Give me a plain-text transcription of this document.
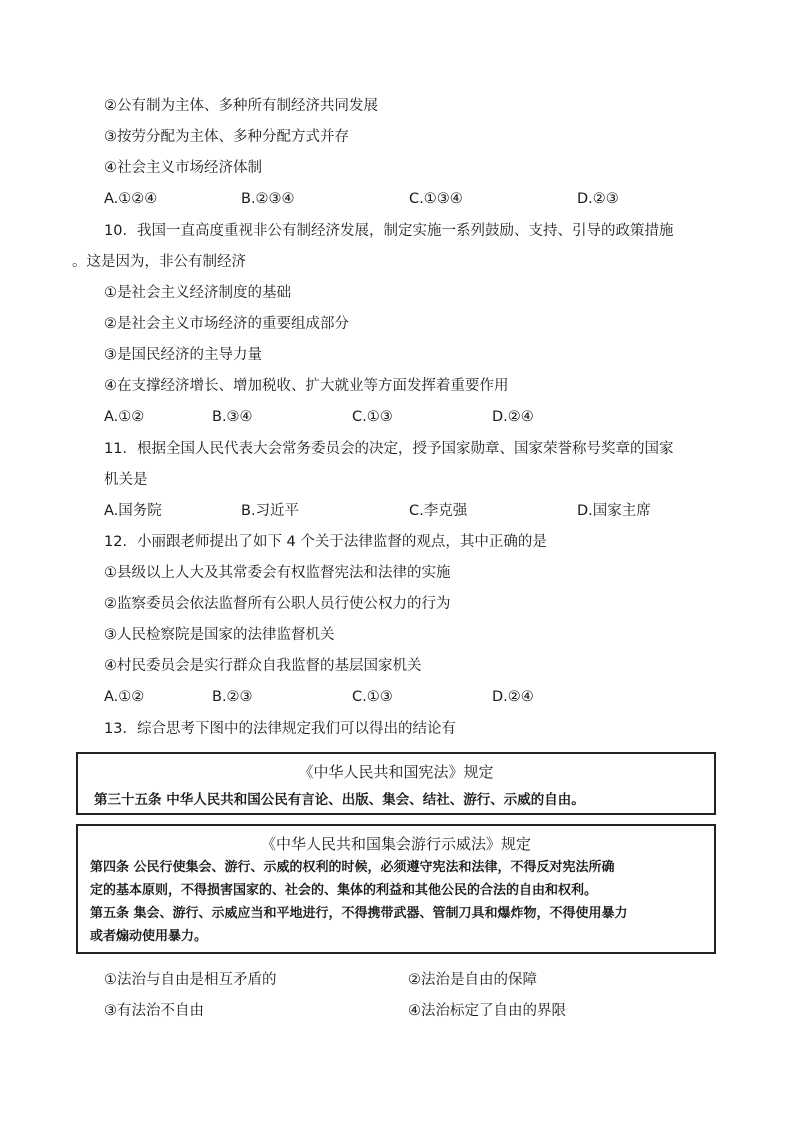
②公有制为主体、多种所有制经济共同发展
③按劳分配为主体、多种分配方式并存
④社会主义市场经济体制
A.①②④	B.②③④	C.①③④	D.②③
10．我国一直高度重视非公有制经济发展，制定实施一系列鼓励、支持、引导的政策措施
。这是因为，非公有制经济
①是社会主义经济制度的基础
②是社会主义市场经济的重要组成部分
③是国民经济的主导力量
④在支撑经济增长、增加税收、扩大就业等方面发挥着重要作用
A.①②	B.③④	C.①③	D.②④
11．根据全国人民代表大会常务委员会的决定，授予国家勋章、国家荣誉称号奖章的国家
机关是
A.国务院	B.习近平	C.李克强	D.国家主席
12．小丽跟老师提出了如下 4 个关于法律监督的观点，其中正确的是
①县级以上人大及其常委会有权监督宪法和法律的实施
②监察委员会依法监督所有公职人员行使公权力的行为
③人民检察院是国家的法律监督机关
④村民委员会是实行群众自我监督的基层国家机关
A.①②	B.②③	C.①③	D.②④
13．综合思考下图中的法律规定我们可以得出的结论有
《中华人民共和国宪法》规定
第三十五条 中华人民共和国公民有言论、出版、集会、结社、游行、示威的自由。
《中华人民共和国集会游行示威法》规定
第四条 公民行使集会、游行、示威的权利的时候，必须遵守宪法和法律，不得反对宪法所确
定的基本原则，不得损害国家的、社会的、集体的利益和其他公民的合法的自由和权利。
第五条 集会、游行、示威应当和平地进行，不得携带武器、管制刀具和爆炸物，不得使用暴力
或者煽动使用暴力。
①法治与自由是相互矛盾的	②法治是自由的保障
③有法治不自由	④法治标定了自由的界限
